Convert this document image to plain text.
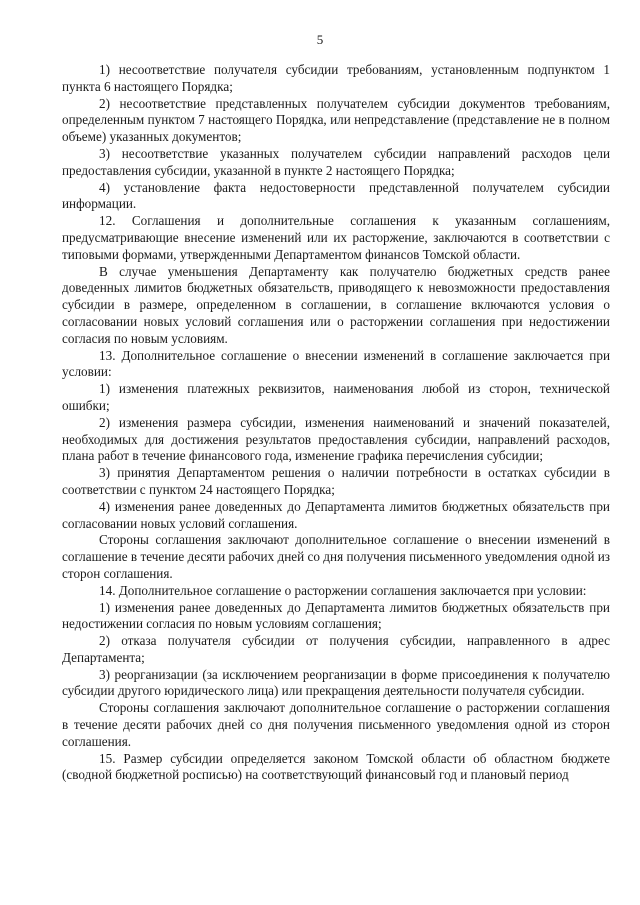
5

1) несоответствие получателя субсидии требованиям, установленным подпунктом 1 пункта 6 настоящего Порядка;

2) несоответствие представленных получателем субсидии документов требованиям, определенным пунктом 7 настоящего Порядка, или непредставление (представление не в полном объеме) указанных документов;

3) несоответствие указанных получателем субсидии направлений расходов цели предоставления субсидии, указанной в пункте 2 настоящего Порядка;

4) установление факта недостоверности представленной получателем субсидии информации.

12. Соглашения и дополнительные соглашения к указанным соглашениям, предусматривающие внесение изменений или их расторжение, заключаются в соответствии с типовыми формами, утвержденными Департаментом финансов Томской области.

В случае уменьшения Департаменту как получателю бюджетных средств ранее доведенных лимитов бюджетных обязательств, приводящего к невозможности предоставления субсидии в размере, определенном в соглашении, в соглашение включаются условия о согласовании новых условий соглашения или о расторжении соглашения при недостижении согласия по новым условиям.

13. Дополнительное соглашение о внесении изменений в соглашение заключается при условии:

1) изменения платежных реквизитов, наименования любой из сторон, технической ошибки;

2) изменения размера субсидии, изменения наименований и значений показателей, необходимых для достижения результатов предоставления субсидии, направлений расходов, плана работ в течение финансового года, изменение графика перечисления субсидии;

3) принятия Департаментом решения о наличии потребности в остатках субсидии в соответствии с пунктом 24 настоящего Порядка;

4) изменения ранее доведенных до Департамента лимитов бюджетных обязательств при согласовании новых условий соглашения.

Стороны соглашения заключают дополнительное соглашение о внесении изменений в соглашение в течение десяти рабочих дней со дня получения письменного уведомления одной из сторон соглашения.

14. Дополнительное соглашение о расторжении соглашения заключается при условии:

1) изменения ранее доведенных до Департамента лимитов бюджетных обязательств при недостижении согласия по новым условиям соглашения;

2) отказа получателя субсидии от получения субсидии, направленного в адрес Департамента;

3) реорганизации (за исключением реорганизации в форме присоединения к получателю субсидии другого юридического лица) или прекращения деятельности получателя субсидии.

Стороны соглашения заключают дополнительное соглашение о расторжении соглашения в течение десяти рабочих дней со дня получения письменного уведомления одной из сторон соглашения.

15. Размер субсидии определяется законом Томской области об областном бюджете (сводной бюджетной росписью) на соответствующий финансовый год и плановый период
